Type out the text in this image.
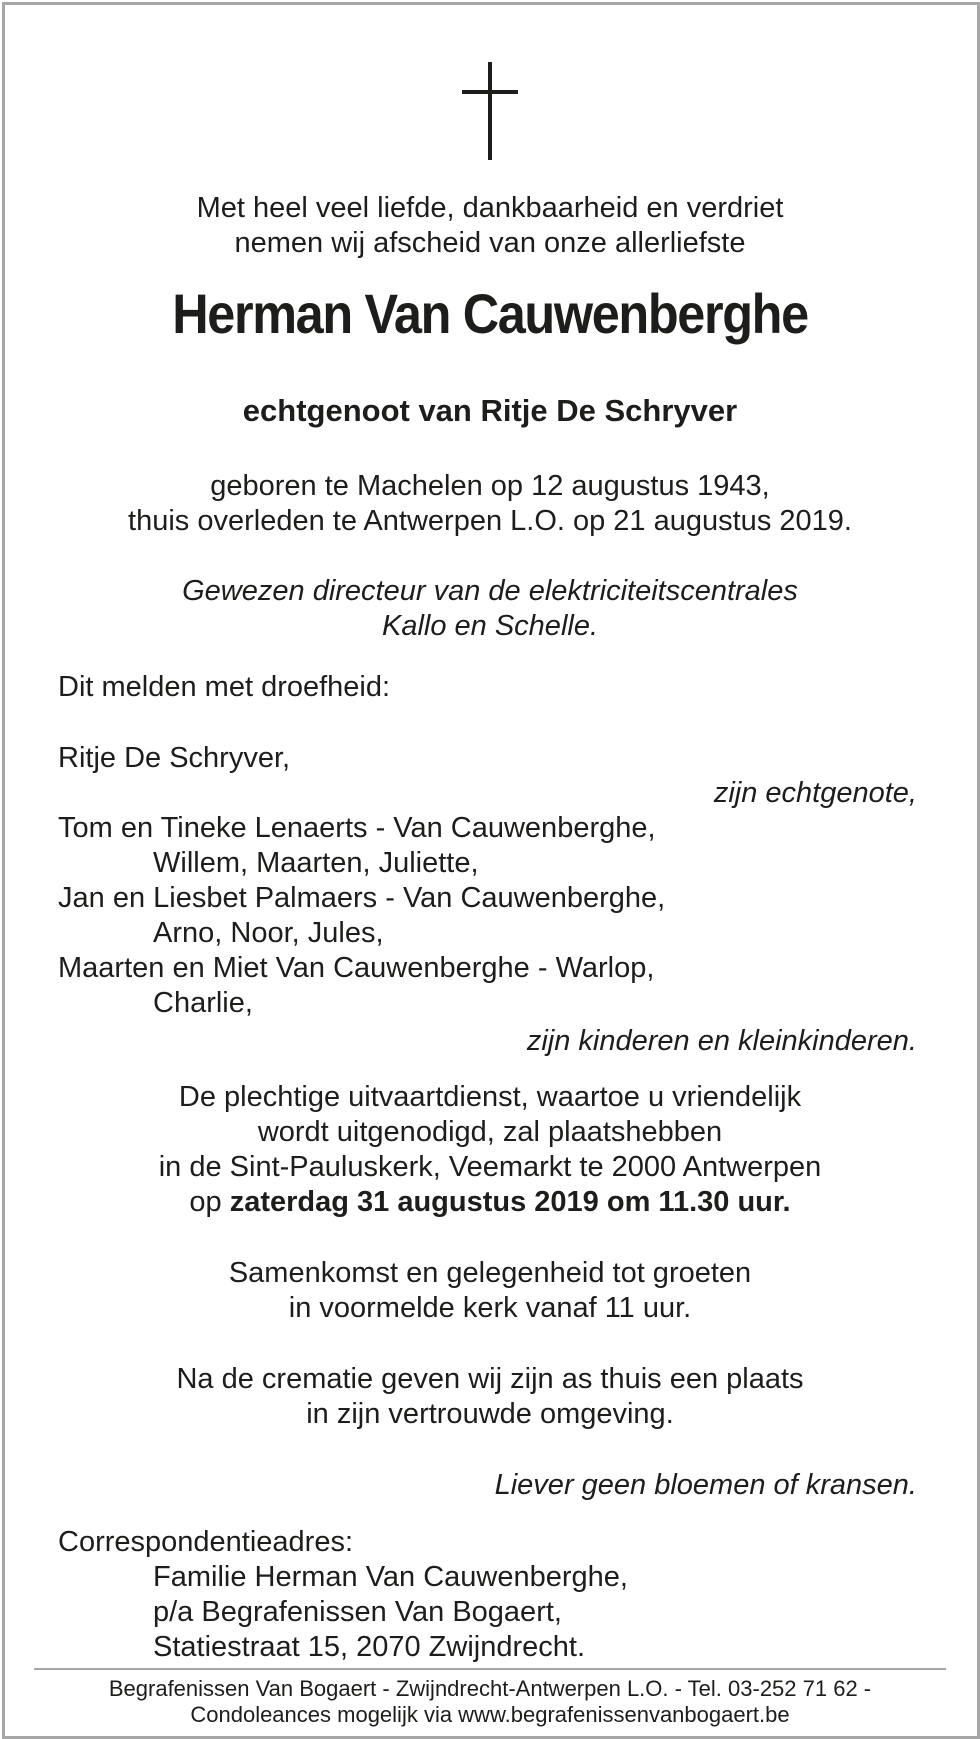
Met heel veel liefde, dankbaarheid en verdriet
nemen wij afscheid van onze allerliefste
Herman Van Cauwenberghe
echtgenoot van Ritje De Schryver
geboren te Machelen op 12 augustus 1943,
thuis overleden te Antwerpen L.O. op 21 augustus 2019.
Gewezen directeur van de elektriciteitscentrales
Kallo en Schelle.
Dit melden met droefheid:
Ritje De Schryver,
zijn echtgenote,
Tom en Tineke Lenaerts - Van Cauwenberghe,
Willem, Maarten, Juliette,
Jan en Liesbet Palmaers - Van Cauwenberghe,
Arno, Noor, Jules,
Maarten en Miet Van Cauwenberghe - Warlop,
Charlie,
zijn kinderen en kleinkinderen.
De plechtige uitvaartdienst, waartoe u vriendelijk
wordt uitgenodigd, zal plaatshebben
in de Sint-Pauluskerk, Veemarkt te 2000 Antwerpen
op zaterdag 31 augustus 2019 om 11.30 uur.
Samenkomst en gelegenheid tot groeten
in voormelde kerk vanaf 11 uur.
Na de crematie geven wij zijn as thuis een plaats
in zijn vertrouwde omgeving.
Liever geen bloemen of kransen.
Correspondentieadres:
Familie Herman Van Cauwenberghe,
p/a Begrafenissen Van Bogaert,
Statiestraat 15, 2070 Zwijndrecht.
Begrafenissen Van Bogaert - Zwijndrecht-Antwerpen L.O. - Tel. 03-252 71 62 -
Condoleances mogelijk via www.begrafenissenvanbogaert.be
